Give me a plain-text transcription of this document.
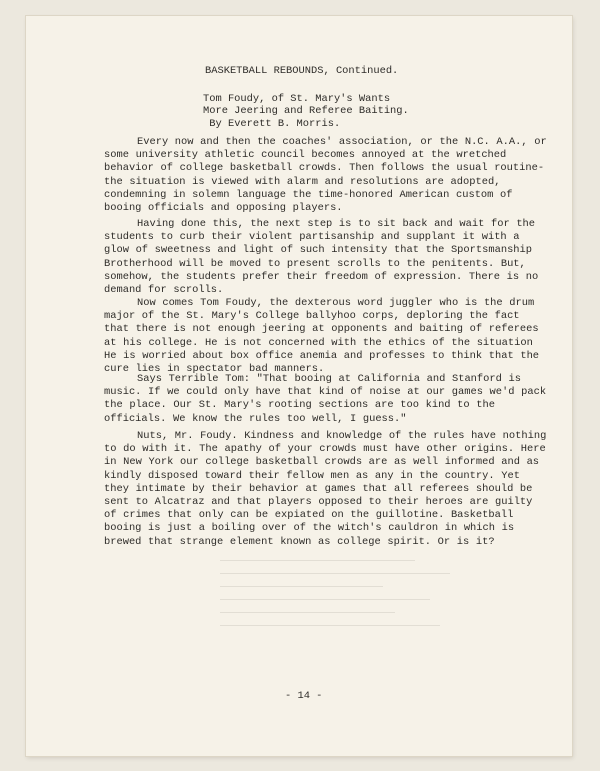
BASKETBALL REBOUNDS, Continued.
Tom Foudy, of St. Mary's Wants
More Jeering and Referee Baiting.
By Everett B. Morris.
Every now and then the coaches' association, or the N.C. A.A., or some university athletic council becomes annoyed at the wretched behavior of college basketball crowds. Then follows the usual routine- the situation is viewed with alarm and resolutions are adopted, condemning in solemn language the time-honored American custom of booing officials and opposing players.
Having done this, the next step is to sit back and wait for the students to curb their violent partisanship and supplant it with a glow of sweetness and light of such intensity that the Sportsmanship Brotherhood will be moved to present scrolls to the penitents. But, somehow, the students prefer their freedom of expression. There is no demand for scrolls.
Now comes Tom Foudy, the dexterous word juggler who is the drum major of the St. Mary's College ballyhoo corps, deploring the fact that there is not enough jeering at opponents and baiting of referees at his college. He is not concerned with the ethics of the situation He is worried about box office anemia and professes to think that the cure lies in spectator bad manners.
Says Terrible Tom: "That booing at California and Stanford is music. If we could only have that kind of noise at our games we'd pack the place. Our St. Mary's rooting sections are too kind to the officials. We know the rules too well, I guess."
Nuts, Mr. Foudy. Kindness and knowledge of the rules have nothing to do with it. The apathy of your crowds must have other origins. Here in New York our college basketball crowds are as well informed and as kindly disposed toward their fellow men as any in the country. Yet they intimate by their behavior at games that all referees should be sent to Alcatraz and that players opposed to their heroes are guilty of crimes that only can be expiated on the guillotine. Basketball booing is just a boiling over of the witch's cauldron in which is brewed that strange element known as college spirit. Or is it?
- 14 -
